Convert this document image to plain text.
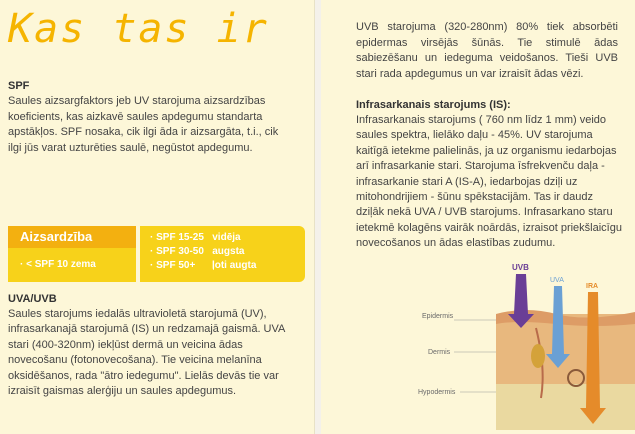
Kas tas ir
SPF
Saules aizsargfaktors jeb UV starojuma aizsardzības koeficients, kas aizkavē saules apdegumu standarta apstākļos. SPF nosaka, cik ilgi āda ir aizsargāta, t.i., cik ilgi jūs varat uzturēties saulē, negūstot apdegumu.
Aizsardzība
· < SPF 10 zema
· SPF 15-25   vidēja
· SPF 30-50   augsta
· SPF 50+      ļoti augta
UVA/UVB
Saules starojums iedalās ultravioletā starojumā (UV), infrasarkanajā starojumā (IS) un redzamajā gaismā. UVA stari (400-320nm) iekļūst dermā un veicina ādas novecošanu (fotonovecošana). Tie veicina melanīna oksidēšanos, rada "ātro iedegumu". Lielās devās tie var izraisīt gaismas alerģiju un saules apdegumus.
UVB starojuma (320-280nm) 80% tiek absorbēti epidermas virsējās šūnās. Tie stimulē ādas sabiezēšanu un iedeguma veidošanos. Tieši UVB stari rada apdegumus un var izraisīt ādas vēzi.
Infrasarkanais starojums (IS):
Infrasarkanais starojums ( 760 nm līdz 1 mm) veido saules spektra, lielāko daļu - 45%. UV starojuma kaitīgā ietekme palielinās, ja uz organismu iedarbojas arī infrasarkanie stari. Starojuma īsfrekvenču daļa - infrasarkanie stari A (IS-A), iedarbojas dziļi uz mitohondrijiem - šūnu spēkstacijām. Tas ir daudz dziļāk nekā UVA / UVB starojums. Infrasarkano staru ietekmē kolagēns vairāk noārdās, izraisot priekšlaicīgu novecošanos un ādas elastības zudumu.
Epidermis
Dermis
Hypodermis
UVB
UVA
IRA
